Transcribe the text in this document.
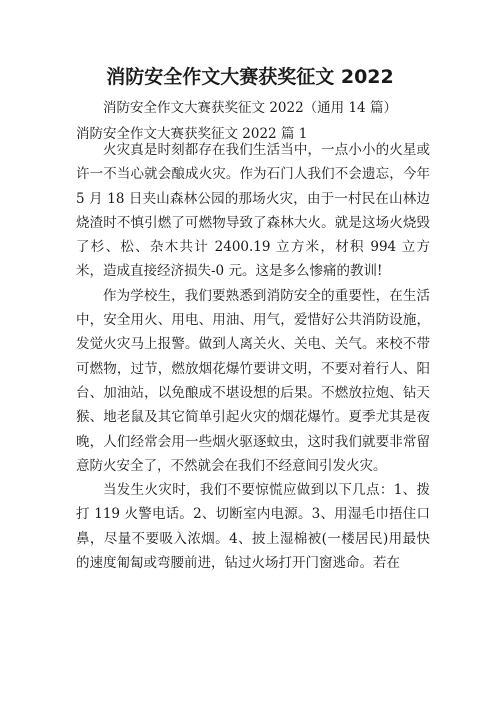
消防安全作文大赛获奖征文 2022
消防安全作文大赛获奖征文 2022（通用 14 篇）
消防安全作文大赛获奖征文 2022 篇 1

火灾真是时刻都存在我们生活当中，一点小小的火星或许一不当心就会酿成火灾。作为石门人我们不会遗忘，今年 5 月 18 日夹山森林公园的那场火灾，由于一村民在山林边烧渣时不慎引燃了可燃物导致了森林大火。就是这场火烧毁了杉、松、杂木共计 2400.19 立方米，材积 994 立方米，造成直接经济损失-0 元。这是多么惨痛的教训!

作为学校生，我们要熟悉到消防安全的重要性，在生活中，安全用火、用电、用油、用气，爱惜好公共消防设施，发觉火灾马上报警。做到人离关火、关电、关气。来校不带可燃物，过节，燃放烟花爆竹要讲文明，不要对着行人、阳台、加油站，以免酿成不堪设想的后果。不燃放拉炮、钻天猴、地老鼠及其它简单引起火灾的烟花爆竹。夏季尤其是夜晚，人们经常会用一些烟火驱逐蚊虫，这时我们就要非常留意防火安全了，不然就会在我们不经意间引发火灾。

当发生火灾时，我们不要惊慌应做到以下几点：1、拨打 119 火警电话。2、切断室内电源。3、用湿毛巾捂住口鼻，尽量不要吸入浓烟。4、披上湿棉被(一楼居民)用最快的速度匍匐或弯腰前进，钻过火场打开门窗逃命。若在
